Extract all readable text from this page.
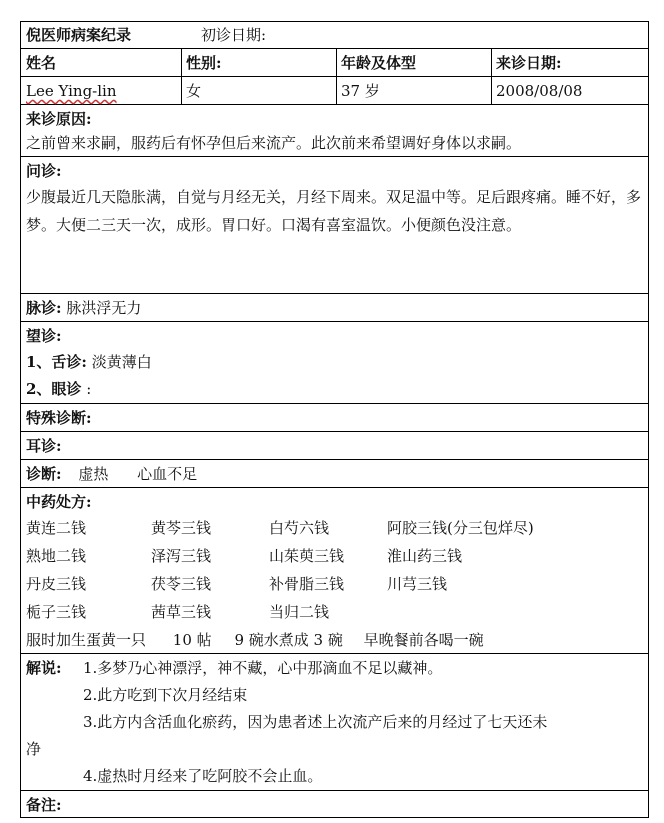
倪医师病案纪录	初诊日期:
姓名	性别:	年龄及体型	来诊日期:
Lee Ying-lin	女	37 岁	2008/08/08
来诊原因:
之前曾来求嗣，服药后有怀孕但后来流产。此次前来希望调好身体以求嗣。
问诊:
少腹最近几天隐胀满，自觉与月经无关，月经下周来。双足温中等。足后跟疼痛。睡不好，多梦。大便二三天一次，成形。胃口好。口渴有喜室温饮。小便颜色没注意。
脉诊: 脉洪浮无力
望诊:
1、舌诊: 淡黄薄白
2、眼诊 :
特殊诊断:
耳诊:
诊断: 虚热 心血不足
中药处方:
黄连二钱	黄芩三钱	白芍六钱	阿胶三钱(分三包烊尽)
熟地二钱	泽泻三钱	山茱萸三钱	淮山药三钱
丹皮三钱	茯苓三钱	补骨脂三钱	川芎三钱
栀子三钱	茜草三钱	当归二钱
服时加生蛋黄一只 10 帖 9 碗水煮成 3 碗 早晚餐前各喝一碗
解说: 1.多梦乃心神漂浮，神不藏，心中那滴血不足以藏神。
2.此方吃到下次月经结束
3.此方内含活血化瘀药，因为患者述上次流产后来的月经过了七天还未
净
4.虚热时月经来了吃阿胶不会止血。
备注:
